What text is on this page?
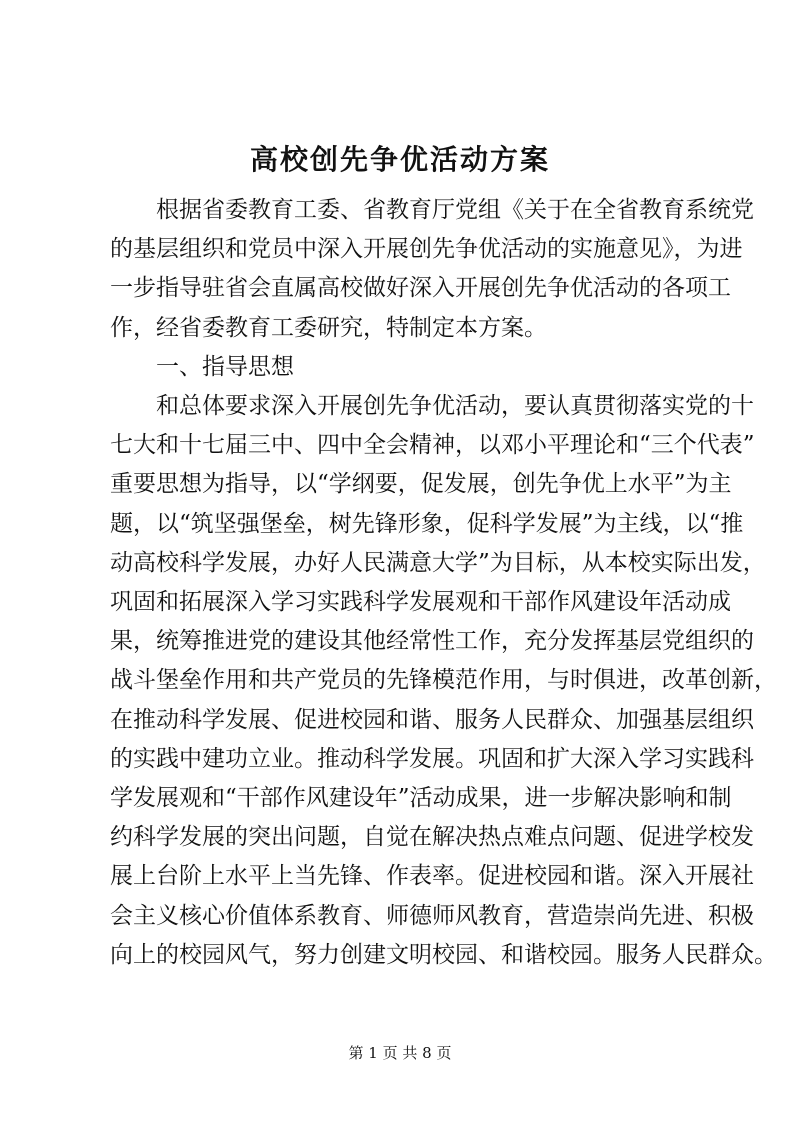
高校创先争优活动方案
根据省委教育工委、省教育厅党组《关于在全省教育系统党
的基层组织和党员中深入开展创先争优活动的实施意见》，为进
一步指导驻省会直属高校做好深入开展创先争优活动的各项工
作，经省委教育工委研究，特制定本方案。
一、指导思想
和总体要求深入开展创先争优活动，要认真贯彻落实党的十
七大和十七届三中、四中全会精神，以邓小平理论和“三个代表”
重要思想为指导，以“学纲要，促发展，创先争优上水平”为主
题，以“筑坚强堡垒，树先锋形象，促科学发展”为主线，以“推
动高校科学发展，办好人民满意大学”为目标，从本校实际出发，
巩固和拓展深入学习实践科学发展观和干部作风建设年活动成
果，统筹推进党的建设其他经常性工作，充分发挥基层党组织的
战斗堡垒作用和共产党员的先锋模范作用，与时俱进，改革创新，
在推动科学发展、促进校园和谐、服务人民群众、加强基层组织
的实践中建功立业。推动科学发展。巩固和扩大深入学习实践科
学发展观和“干部作风建设年”活动成果，进一步解决影响和制
约科学发展的突出问题，自觉在解决热点难点问题、促进学校发
展上台阶上水平上当先锋、作表率。促进校园和谐。深入开展社
会主义核心价值体系教育、师德师风教育，营造崇尚先进、积极
向上的校园风气，努力创建文明校园、和谐校园。服务人民群众。
第 1 页 共 8 页
